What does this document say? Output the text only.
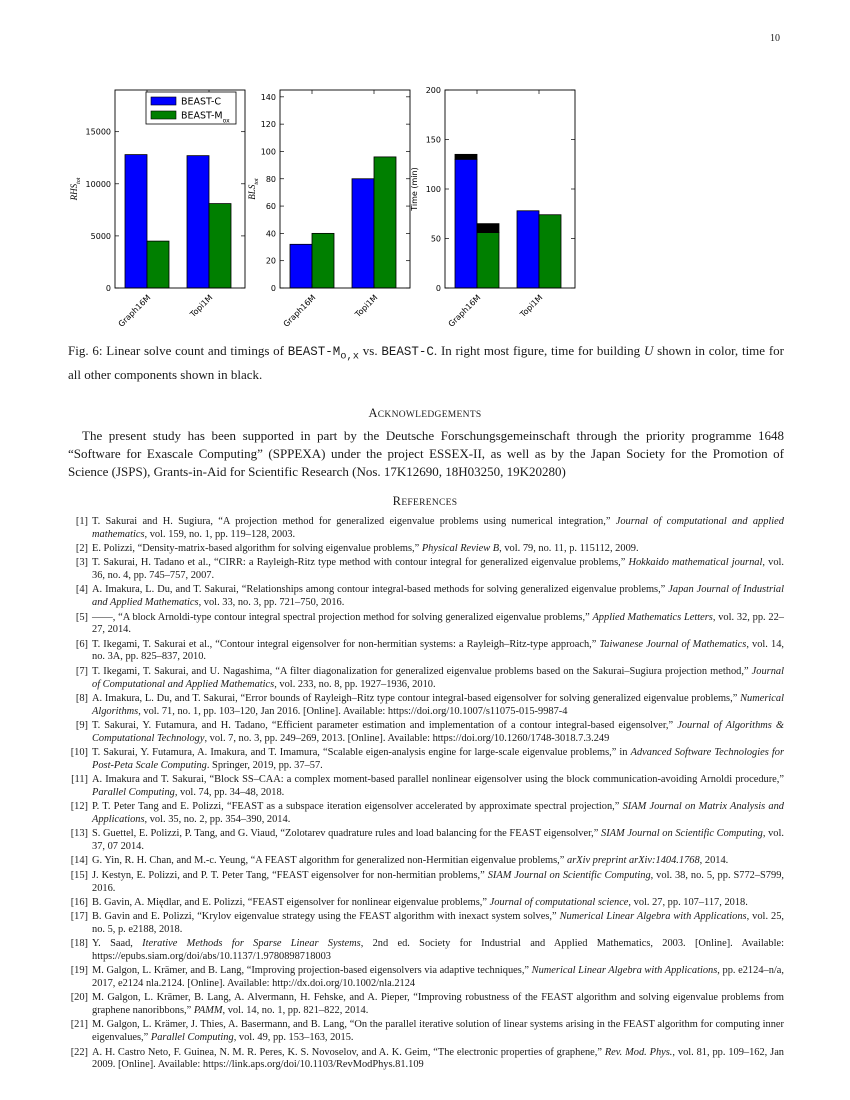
10
Graph16M	Topi1M
0
5000
10000
15000
$RHS_{tot}$
Graph16M	Topi1M
0
20
40
60
80
100
120
140
$BLS_{tot}$
Graph16M	Topi1M
0
50
100
150
200
Time (min)
BEAST-C
BEAST-$M_{ox}$
Fig. 6: Linear solve count and timings of BEAST-$M_{o,x}$ vs. BEAST-C. In right most figure, time for building U shown in color, time for all other components shown in black.
ACKNOWLEDGEMENTS
The present study has been supported in part by the Deutsche Forschungsgemeinschaft through the priority programme 1648 “Software for Exascale Computing” (SPPEXA) under the project ESSEX-II, as well as by the Japan Society for the Promotion of Science (JSPS), Grants-in-Aid for Scientific Research (Nos. 17K12690, 18H03250, 19K20280)
REFERENCES
[1] T. Sakurai and H. Sugiura, “A projection method for generalized eigenvalue problems using numerical integration,” Journal of computational and applied mathematics, vol. 159, no. 1, pp. 119–128, 2003.
[2] E. Polizzi, “Density-matrix-based algorithm for solving eigenvalue problems,” Physical Review B, vol. 79, no. 11, p. 115112, 2009.
[3] T. Sakurai, H. Tadano et al., “CIRR: a Rayleigh-Ritz type method with contour integral for generalized eigenvalue problems,” Hokkaido mathematical journal, vol. 36, no. 4, pp. 745–757, 2007.
[4] A. Imakura, L. Du, and T. Sakurai, “Relationships among contour integral-based methods for solving generalized eigenvalue problems,” Japan Journal of Industrial and Applied Mathematics, vol. 33, no. 3, pp. 721–750, 2016.
[5] ——, “A block Arnoldi-type contour integral spectral projection method for solving generalized eigenvalue problems,” Applied Mathematics Letters, vol. 32, pp. 22–27, 2014.
[6] T. Ikegami, T. Sakurai et al., “Contour integral eigensolver for non-hermitian systems: a Rayleigh–Ritz-type approach,” Taiwanese Journal of Mathematics, vol. 14, no. 3A, pp. 825–837, 2010.
[7] T. Ikegami, T. Sakurai, and U. Nagashima, “A filter diagonalization for generalized eigenvalue problems based on the Sakurai–Sugiura projection method,” Journal of Computational and Applied Mathematics, vol. 233, no. 8, pp. 1927–1936, 2010.
[8] A. Imakura, L. Du, and T. Sakurai, “Error bounds of Rayleigh–Ritz type contour integral-based eigensolver for solving generalized eigenvalue problems,” Numerical Algorithms, vol. 71, no. 1, pp. 103–120, Jan 2016. [Online]. Available: https://doi.org/10.1007/s11075-015-9987-4
[9] T. Sakurai, Y. Futamura, and H. Tadano, “Efficient parameter estimation and implementation of a contour integral-based eigensolver,” Journal of Algorithms & Computational Technology, vol. 7, no. 3, pp. 249–269, 2013. [Online]. Available: https://doi.org/10.1260/1748-3018.7.3.249
[10] T. Sakurai, Y. Futamura, A. Imakura, and T. Imamura, “Scalable eigen-analysis engine for large-scale eigenvalue problems,” in Advanced Software Technologies for Post-Peta Scale Computing. Springer, 2019, pp. 37–57.
[11] A. Imakura and T. Sakurai, “Block SS–CAA: a complex moment-based parallel nonlinear eigensolver using the block communication-avoiding Arnoldi procedure,” Parallel Computing, vol. 74, pp. 34–48, 2018.
[12] P. T. Peter Tang and E. Polizzi, “FEAST as a subspace iteration eigensolver accelerated by approximate spectral projection,” SIAM Journal on Matrix Analysis and Applications, vol. 35, no. 2, pp. 354–390, 2014.
[13] S. Guettel, E. Polizzi, P. Tang, and G. Viaud, “Zolotarev quadrature rules and load balancing for the FEAST eigensolver,” SIAM Journal on Scientific Computing, vol. 37, 07 2014.
[14] G. Yin, R. H. Chan, and M.-c. Yeung, “A FEAST algorithm for generalized non-Hermitian eigenvalue problems,” arXiv preprint arXiv:1404.1768, 2014.
[15] J. Kestyn, E. Polizzi, and P. T. Peter Tang, “FEAST eigensolver for non-hermitian problems,” SIAM Journal on Scientific Computing, vol. 38, no. 5, pp. S772–S799, 2016.
[16] B. Gavin, A. Międlar, and E. Polizzi, “FEAST eigensolver for nonlinear eigenvalue problems,” Journal of computational science, vol. 27, pp. 107–117, 2018.
[17] B. Gavin and E. Polizzi, “Krylov eigenvalue strategy using the FEAST algorithm with inexact system solves,” Numerical Linear Algebra with Applications, vol. 25, no. 5, p. e2188, 2018.
[18] Y. Saad, Iterative Methods for Sparse Linear Systems, 2nd ed. Society for Industrial and Applied Mathematics, 2003. [Online]. Available: https://epubs.siam.org/doi/abs/10.1137/1.9780898718003
[19] M. Galgon, L. Krämer, and B. Lang, “Improving projection-based eigensolvers via adaptive techniques,” Numerical Linear Algebra with Applications, pp. e2124–n/a, 2017, e2124 nla.2124. [Online]. Available: http://dx.doi.org/10.1002/nla.2124
[20] M. Galgon, L. Krämer, B. Lang, A. Alvermann, H. Fehske, and A. Pieper, “Improving robustness of the FEAST algorithm and solving eigenvalue problems from graphene nanoribbons,” PAMM, vol. 14, no. 1, pp. 821–822, 2014.
[21] M. Galgon, L. Krämer, J. Thies, A. Basermann, and B. Lang, “On the parallel iterative solution of linear systems arising in the FEAST algorithm for computing inner eigenvalues,” Parallel Computing, vol. 49, pp. 153–163, 2015.
[22] A. H. Castro Neto, F. Guinea, N. M. R. Peres, K. S. Novoselov, and A. K. Geim, “The electronic properties of graphene,” Rev. Mod. Phys., vol. 81, pp. 109–162, Jan 2009. [Online]. Available: https://link.aps.org/doi/10.1103/RevModPhys.81.109
